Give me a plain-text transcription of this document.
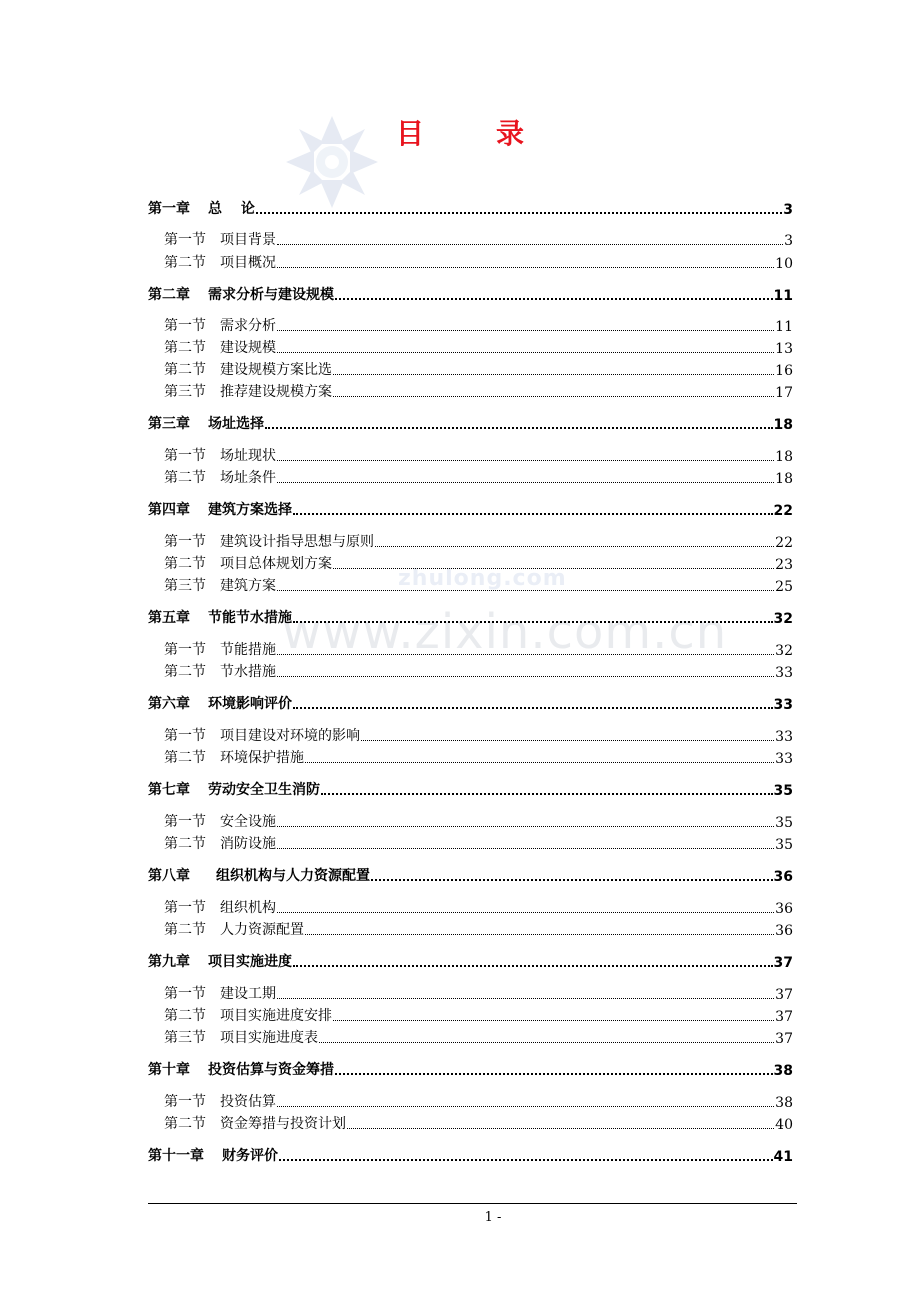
zhulong.com
www.zixin.com.cn
目	录
第一章 总　 论	3
第一节 项目背景	3
第二节 项目概况	10
第二章 需求分析与建设规模	11
第一节 需求分析	11
第二节 建设规模	13
第二节 建设规模方案比选	16
第三节 推荐建设规模方案	17
第三章 场址选择	18
第一节 场址现状	18
第二节 场址条件	18
第四章 建筑方案选择	22
第一节 建筑设计指导思想与原则	22
第二节 项目总体规划方案	23
第三节 建筑方案	25
第五章 节能节水措施	32
第一节 节能措施	32
第二节 节水措施	33
第六章 环境影响评价	33
第一节 项目建设对环境的影响	33
第二节 环境保护措施	33
第七章 劳动安全卫生消防	35
第一节 安全设施	35
第二节 消防设施	35
第八章 组织机构与人力资源配置	36
第一节 组织机构	36
第二节 人力资源配置	36
第九章 项目实施进度	37
第一节 建设工期	37
第二节 项目实施进度安排	37
第三节 项目实施进度表	37
第十章 投资估算与资金筹措	38
第一节 投资估算	38
第二节 资金筹措与投资计划	40
第十一章 财务评价	41
1 -
